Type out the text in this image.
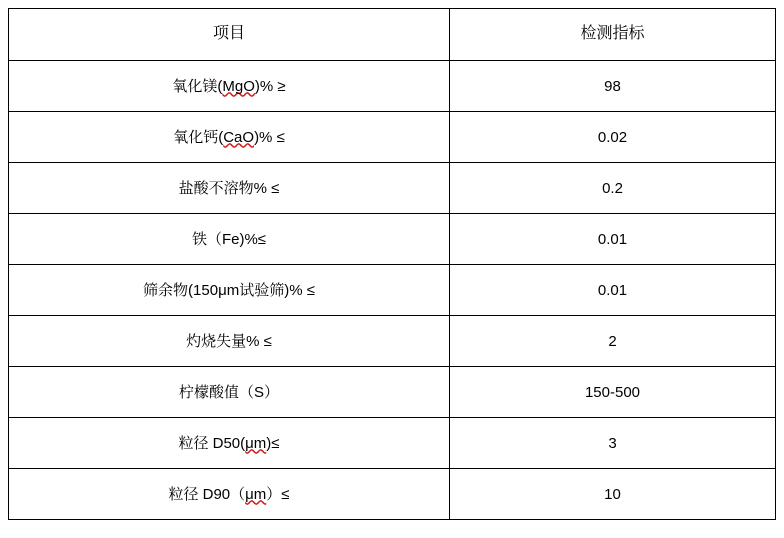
项目	检测指标
氧化镁(MgO)% ≥	98
氧化钙(CaO)% ≤	0.02
盐酸不溶物% ≤	0.2
铁（Fe)%≤	0.01
筛余物(150μm试验筛)% ≤	0.01
灼烧失量% ≤	2
柠檬酸值（S）	150-500
粒径 D50(μm)≤	3
粒径 D90（μm）≤	10
